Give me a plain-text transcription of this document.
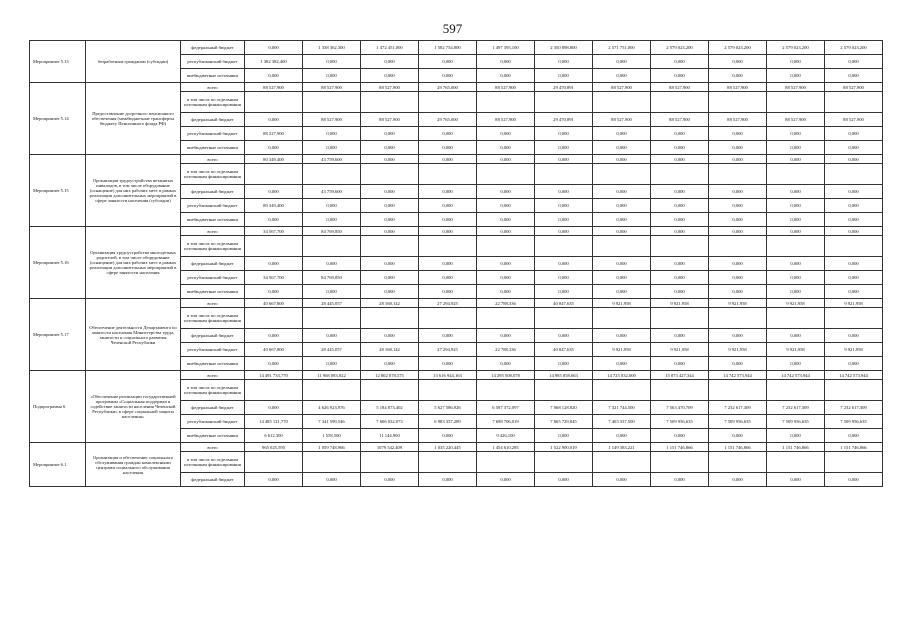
597
Мероприятие 5.13	безработным гражданам (субсидии)	федеральный бюджет	0,000	1 338 362,300	1 472 451,000	1 582 754,800	1 497 395,100	2 350 898,800	2 571 751,000	2 579 023,200	2 579 023,200	2 579 023,200	2 579 023,200
		республиканский бюджет	1 382 382,400	0,000	0,000	0,000	0,000	0,000	0,000	0,000	0,000	0,000	0,000
		внебюджетные источники	0,000	0,000	0,000	0,000	0,000	0,000	0,000	0,000	0,000	0,000	0,000
Мероприятие 5.14	Предоставление досрочного пенсионного обеспечения (межбюджетные трансферты бюджету Пенсионного фонда РФ)	всего	88 527,900	88 527,900	88 527,900	29 765,000	88 527,900	29 470,891	88 527,900	88 527,900	88 527,900	88 527,900	88 527,900
		в том числе по отдельным источникам финансирования											
		федеральный бюджет	0,000	88 527,900	88 527,900	29 765,000	88 527,900	29 470,891	88 527,900	88 527,900	88 527,900	88 527,900	88 527,900
		республиканский бюджет	88 527,900	0,000	0,000	0,000	0,000	0,000	0,000	0,000	0,000	0,000	0,000
		внебюджетные источники	0,000	0,000	0,000	0,000	0,000	0,000	0,000	0,000	0,000	0,000	0,000
Мероприятие 5.15	Организация трудоустройства незанятых инвалидов, в том числе оборудование (оснащение) для них рабочих мест в рамках реализации дополнительных мероприятий в сфере занятости населения (субсидии)	всего	80 349,400	43 759,600	0,000	0,000	0,000	0,000	0,000	0,000	0,000	0,000	0,000
		в том числе по отдельным источникам финансирования											
		федеральный бюджет	0,000	43 759,600	0,000	0,000	0,000	0,000	0,000	0,000	0,000	0,000	0,000
		республиканский бюджет	80 349,400	0,000	0,000	0,000	0,000	0,000	0,000	0,000	0,000	0,000	0,000
		внебюджетные источники	0,000	0,000	0,000	0,000	0,000	0,000	0,000	0,000	0,000	0,000	0,000
Мероприятие 5.16	Организация трудоустройства многодетных родителей, в том числе оборудование (оснащение) для них рабочих мест в рамках реализации дополнительных мероприятий в сфере занятости населения	всего	34 567,700	84 769,850	0,000	0,000	0,000	0,000	0,000	0,000	0,000	0,000	0,000
		в том числе по отдельным источникам финансирования											
		федеральный бюджет	0,000	0,000	0,000	0,000	0,000	0,000	0,000	0,000	0,000	0,000	0,000
		республиканский бюджет	34 567,700	84 769,850	0,000	0,000	0,000	0,000	0,000	0,000	0,000	0,000	0,000
		внебюджетные источники	0,000	0,000	0,000	0,000	0,000	0,000	0,000	0,000	0,000	0,000	0,000
Мероприятие 5.17	Обеспечение деятельности Департамента по занятости населения Министерства труда, занятости и социального развития Чеченской Республики	всего	40 667,800	28 445,057	28 168,142	27 294,925	22 788,336	40 847,635	9 921,958	9 921,958	9 921,958	9 921,958	9 921,958
		в том числе по отдельным источникам финансирования											
		федеральный бюджет	0,000	0,000	0,000	0,000	0,000	0,000	0,000	0,000	0,000	0,000	0,000
		республиканский бюджет	40 667,800	28 445,057	28 168,142	27 294,925	22 788,336	40 847,635	9 921,958	9 921,958	9 921,958	9 921,958	9 921,958
		внебюджетные источники	0,000	0,000	0,000	0,000	0,000	0,000	0,000	0,000	0,000	0,000	0,000
Подпрограмма 6	«Обеспечение реализации государственной программы «Социальная поддержка и содействие занятости населения Чеченской Республики» в сфере социальной защиты населения»	всего	14 491 733,770	11 968 083,022	12 802 078,575	13 616 944,163	14 295 508,078	14 985 858,663	14 725 032,000	15 073 427,344	14 742 573,944	14 742 573,944	14 742 573,944
		в том числе по отдельным источникам финансирования											
		федеральный бюджет	0,000	4 626 923,976	5 184 873,402	5 627 586,926	6 587 372,097	7 068 128,820	7 321 744,500	7 563 470,709	7 232 617,309	7 232 617,309	7 232 617,309
		республиканский бюджет	14 485 121,770	7 341 599,546	7 606 032,073	6 983 357,289	7 698 706,019	7 865 729,845	7 403 337,500	7 509 956,635	7 509 956,635	7 509 956,635	7 509 956,635
		внебюджетные источники	6 612,300	1 558,500	11 144,900	0,000	9 426,100	0,000	0,000	0,000	0,000	0,000	0,000
Мероприятие 6.1	Организация и обеспечение социального обслуживания граждан комплексными центрами социального обслуживания населения	всего	965 025,595	1 059 748,966	1079 542,409	1 035 220,445	1 454 610,285	1 522 900,019	1 149 383,221	1 151 746,866	1 151 746,866	1 151 746,866	1 151 746,866
		в том числе по отдельным источникам финансирования											
		федеральный бюджет	0,000	0,000	0,000	0,000	0,000	0,000	0,000	0,000	0,000	0,000	0,000
